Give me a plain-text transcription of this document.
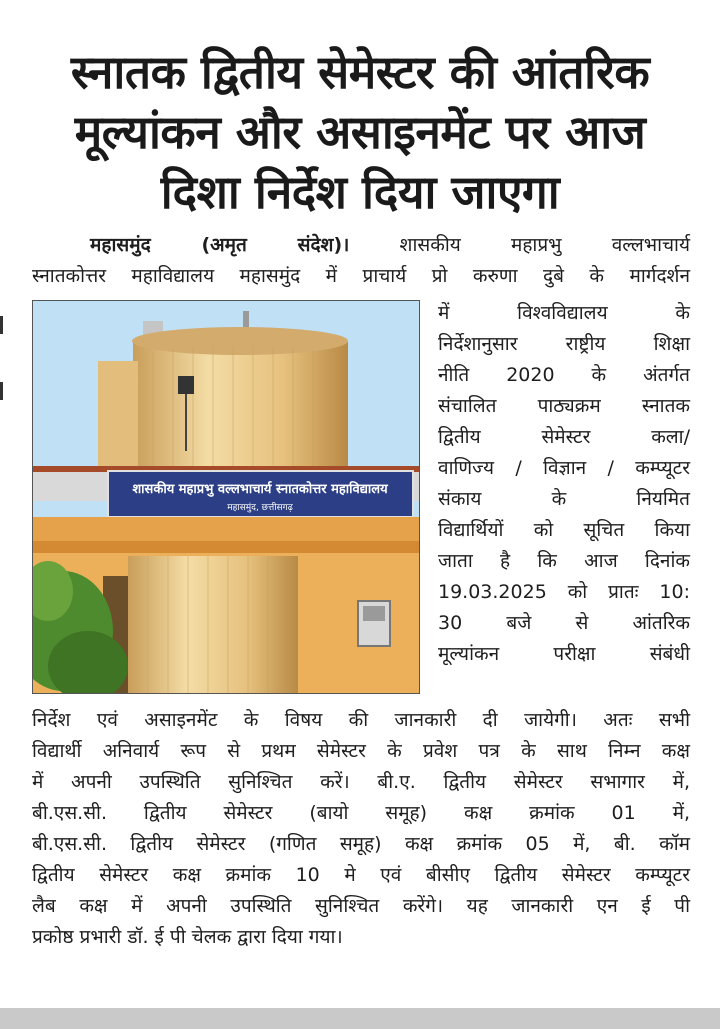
स्नातक द्वितीय सेमेस्टर की आंतरिक
मूल्यांकन और असाइनमेंट पर आज
दिशा निर्देश दिया जाएगा
महासमुंद (अमृत संदेश)।	शासकीय महाप्रभु वल्लभाचार्य
स्नातकोत्तर महाविद्यालय महासमुंद में प्राचार्य प्रो करुणा दुबे के मार्गदर्शन
शासकीय महाप्रभु वल्लभाचार्य स्नातकोत्तर महाविद्यालय
महासमुंद, छत्तीसगढ़
में विश्वविद्यालय के
निर्देशानुसार राष्ट्रीय शिक्षा
नीति 2020 के अंतर्गत
संचालित पाठ्यक्रम स्नातक
द्वितीय सेमेस्टर कला/
वाणिज्य / विज्ञान / कम्प्यूटर
संकाय के नियमित
विद्यार्थियों को सूचित किया
जाता है कि आज दिनांक
19.03.2025 को प्रातः 10:
30 बजे से आंतरिक
मूल्यांकन परीक्षा संबंधी
निर्देश एवं असाइनमेंट के विषय की जानकारी दी जायेगी। अतः सभी
विद्यार्थी अनिवार्य रूप से प्रथम सेमेस्टर के प्रवेश पत्र के साथ निम्न कक्ष
में अपनी उपस्थिति सुनिश्चित करें। बी.ए. द्वितीय सेमेस्टर सभागार में,
बी.एस.सी. द्वितीय सेमेस्टर (बायो समूह) कक्ष क्रमांक 01 में,
बी.एस.सी. द्वितीय सेमेस्टर (गणित समूह) कक्ष क्रमांक 05 में, बी. कॉम
द्वितीय सेमेस्टर कक्ष क्रमांक 10 मे एवं बीसीए द्वितीय सेमेस्टर कम्प्यूटर
लैब कक्ष में अपनी उपस्थिति सुनिश्चित करेंगे। यह जानकारी एन ई पी
प्रकोष्ठ प्रभारी डॉ. ई पी चेलक द्वारा दिया गया।
